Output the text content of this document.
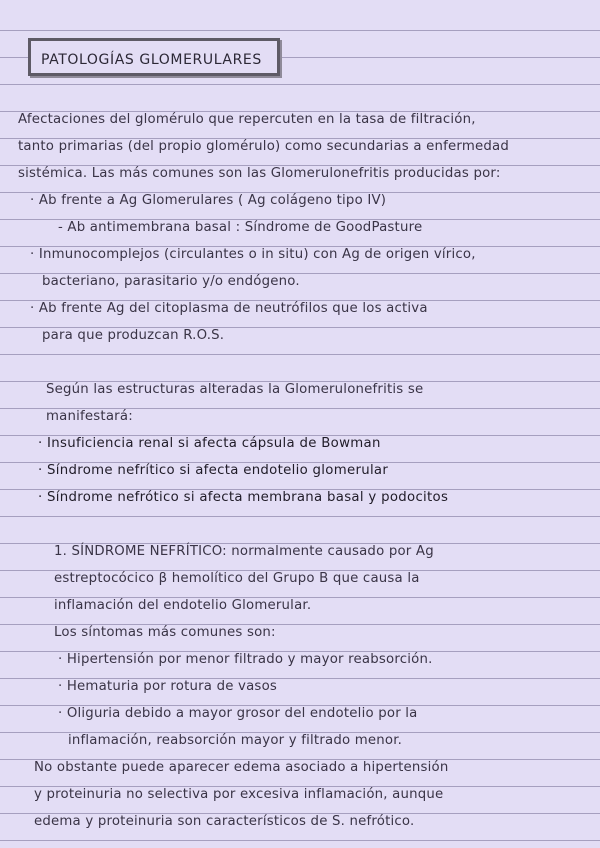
PATOLOGÍAS GLOMERULARES
Afectaciones del glomérulo que repercuten en la tasa de filtración,
tanto primarias (del propio glomérulo) como secundarias a enfermedad
sistémica. Las más comunes son las Glomerulonefritis producidas por:
· Ab frente a Ag Glomerulares ( Ag colágeno tipo IV)
- Ab antimembrana basal : Síndrome de GoodPasture
· Inmunocomplejos (circulantes o in situ) con Ag de origen vírico,
bacteriano, parasitario y/o endógeno.
· Ab frente Ag del citoplasma de neutrófilos que los activa
para que produzcan R.O.S.
Según las estructuras alteradas la Glomerulonefritis se
manifestará:
· Insuficiencia renal si afecta cápsula de Bowman
· Síndrome nefrítico si afecta endotelio glomerular
· Síndrome nefrótico si afecta membrana basal y podocitos
1. SÍNDROME NEFRÍTICO: normalmente causado por Ag
estreptocócico β hemolítico del Grupo B que causa la
inflamación del endotelio Glomerular.
Los síntomas más comunes son:
· Hipertensión por menor filtrado y mayor reabsorción.
· Hematuria por rotura de vasos
· Oliguria debido a mayor grosor del endotelio por la
inflamación, reabsorción mayor y filtrado menor.
No obstante puede aparecer edema asociado a hipertensión
y proteinuria no selectiva por excesiva inflamación, aunque
edema y proteinuria son característicos de S. nefrótico.
